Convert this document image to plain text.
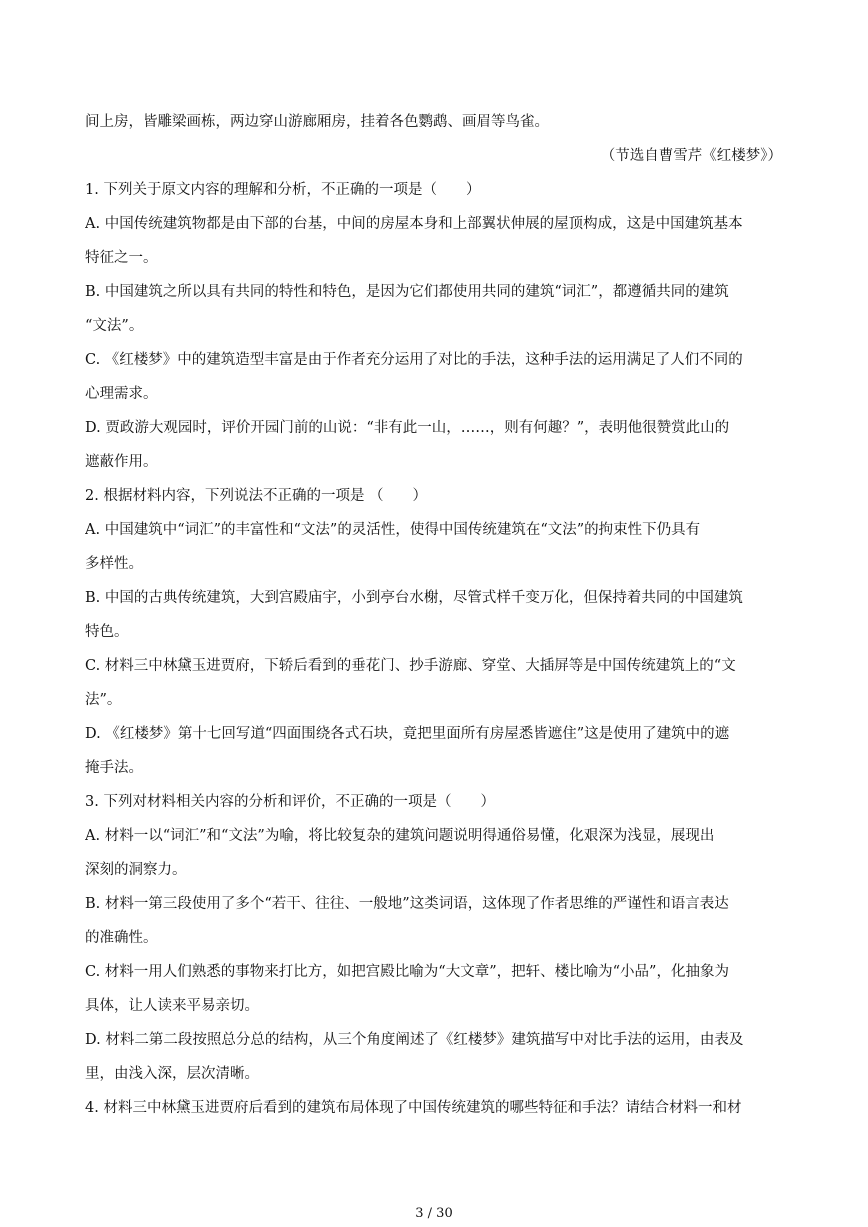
间上房，皆雕梁画栋，两边穿山游廊厢房，挂着各色鹦鹉、画眉等鸟雀。
（节选自曹雪芹《红楼梦》）
1. 下列关于原文内容的理解和分析，不正确的一项是（　　）
A. 中国传统建筑物都是由下部的台基，中间的房屋本身和上部翼状伸展的屋顶构成，这是中国建筑基本
特征之一。
B. 中国建筑之所以具有共同的特性和特色，是因为它们都使用共同的建筑“词汇”，都遵循共同的建筑
“文法”。
C. 《红楼梦》中的建筑造型丰富是由于作者充分运用了对比的手法，这种手法的运用满足了人们不同的
心理需求。
D. 贾政游大观园时，评价开园门前的山说：“非有此一山，……，则有何趣？”，表明他很赞赏此山的
遮蔽作用。
2. 根据材料内容，下列说法不正确的一项是 （　　）
A. 中国建筑中“词汇”的丰富性和“文法”的灵活性，使得中国传统建筑在“文法”的拘束性下仍具有
多样性。
B. 中国的古典传统建筑，大到宫殿庙宇，小到亭台水榭，尽管式样千变万化，但保持着共同的中国建筑
特色。
C. 材料三中林黛玉进贾府，下轿后看到的垂花门、抄手游廊、穿堂、大插屏等是中国传统建筑上的“文
法”。
D. 《红楼梦》第十七回写道“四面围绕各式石块，竟把里面所有房屋悉皆遮住”这是使用了建筑中的遮
掩手法。
3. 下列对材料相关内容的分析和评价，不正确的一项是（　　）
A. 材料一以“词汇”和“文法”为喻，将比较复杂的建筑问题说明得通俗易懂，化艰深为浅显，展现出
深刻的洞察力。
B. 材料一第三段使用了多个“若干、往往、一般地”这类词语，这体现了作者思维的严谨性和语言表达
的准确性。
C. 材料一用人们熟悉的事物来打比方，如把宫殿比喻为“大文章”，把轩、楼比喻为“小品”，化抽象为
具体，让人读来平易亲切。
D. 材料二第二段按照总分总的结构，从三个角度阐述了《红楼梦》建筑描写中对比手法的运用，由表及
里，由浅入深，层次清晰。
4. 材料三中林黛玉进贾府后看到的建筑布局体现了中国传统建筑的哪些特征和手法？请结合材料一和材
3 / 30
